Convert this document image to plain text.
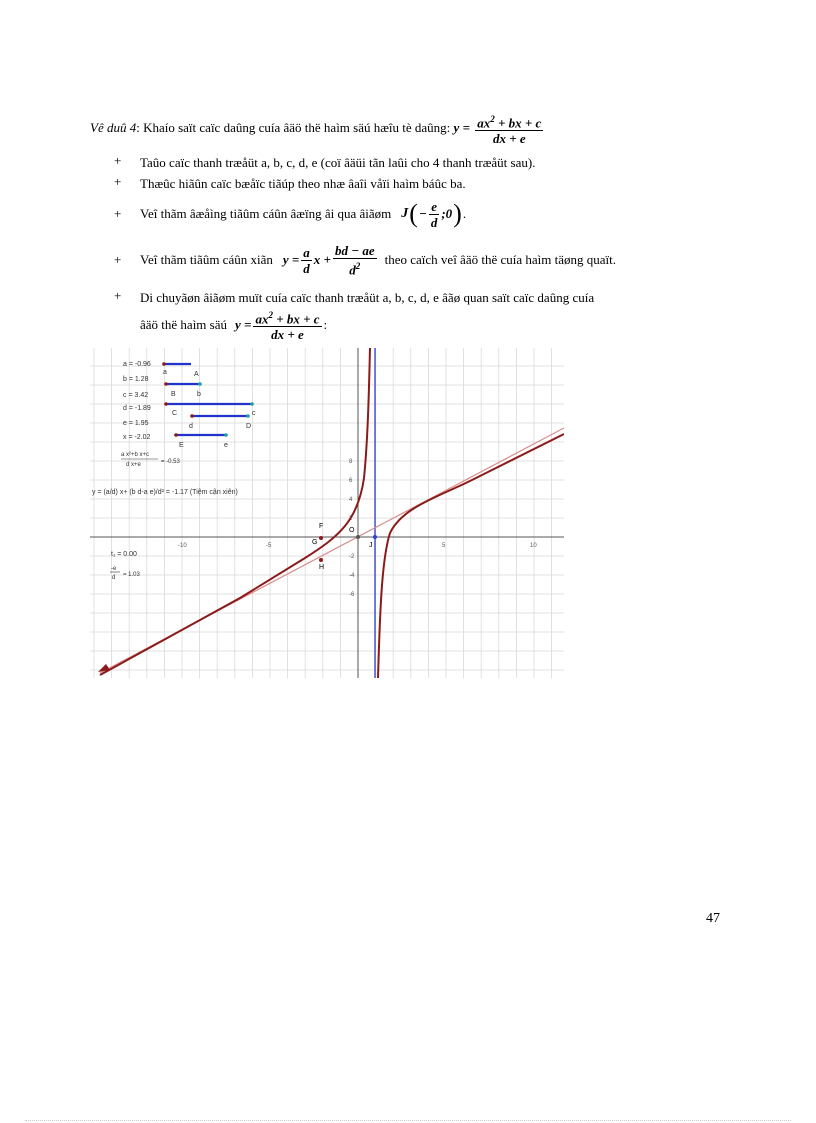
Vê duû 4: Khaío saït caïc daûng cuía âäö thë haìm säú hæîu tè daûng: $y = \frac{ax^2 + bx + c}{dx + e}$
+ Taûo caïc thanh træåüt a, b, c, d, e (coï âäüi tãn laûi cho 4 thanh træåüt sau).
+ Thæûc hiãûn caïc bæåïc tiãúp theo nhæ âaîi våïi haìm báûc ba.
+ Veî thãm âæåìng tiãûm cáûn âæïng âi qua âiãøm J ( − $\frac{e}{d}$ ;0 ) .
+ Veî thãm tiãûm cáûn xiãn $y = \frac{a}{d}$ $x + \frac{bd - ae}{d^2}$ theo caïch veî âäö thë cuía haìm täøng quaït.
+ Di chuyãøn âiãøm muït cuía caïc thanh træåüt a, b, c, d, e âãø quan saït caïc daûng cuía
âäö thë haìm säú $y = \frac{ax^2 + bx + c}{dx + e}$ :
-10	-5	5	10
8
6
4
2
-2
-4
-6
F
G
O
J
H
a = -0.96
a	A
b = 1.28
B	b
c = 3.42
C	c
d = -1.89
d	D
e = 1.95
E	e
x = -2.02
a x²+b x+c
d x+e	= -0.53
y = (a/d) x+ (b d-a e)/d² = -1.17 (Tiệm cận xiên)
t₁ = 0.00
-e
d = 1.03
47
